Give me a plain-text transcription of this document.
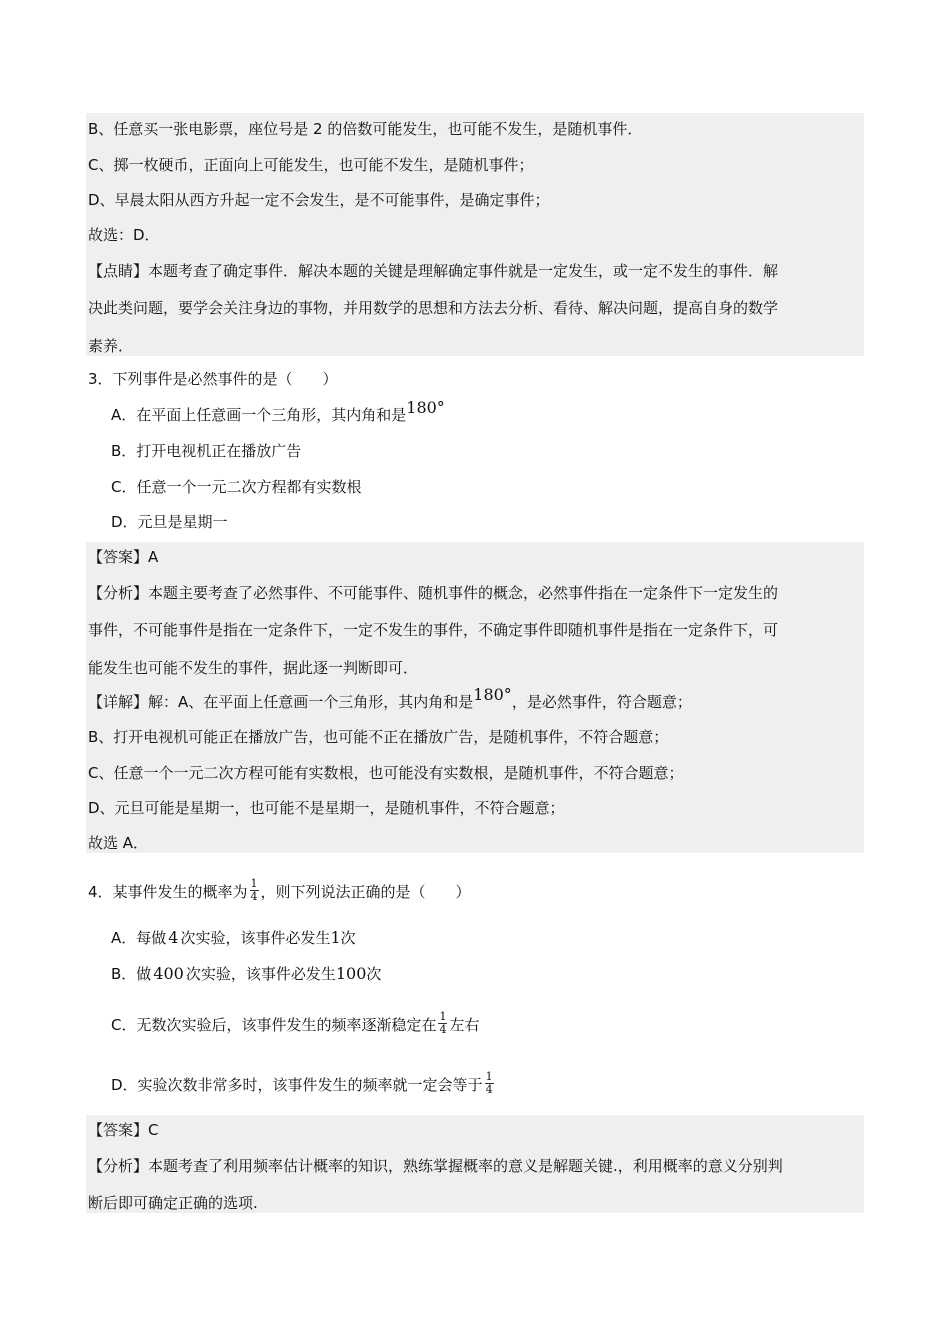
B、任意买一张电影票，座位号是 2 的倍数可能发生，也可能不发生，是随机事件．
C、掷一枚硬币，正面向上可能发生，也可能不发生，是随机事件；
D、早晨太阳从西方升起一定不会发生，是不可能事件，是确定事件；
故选：D．
【点睛】本题考查了确定事件．解决本题的关键是理解确定事件就是一定发生，或一定不发生的事件．解
决此类问题，要学会关注身边的事物，并用数学的思想和方法去分析、看待、解决问题，提高自身的数学
素养．
3．下列事件是必然事件的是（　　）
A．在平面上任意画一个三角形，其内角和是180°
B．打开电视机正在播放广告
C．任意一个一元二次方程都有实数根
D．元旦是星期一
【答案】A
【分析】本题主要考查了必然事件、不可能事件、随机事件的概念，必然事件指在一定条件下一定发生的
事件，不可能事件是指在一定条件下，一定不发生的事件，不确定事件即随机事件是指在一定条件下，可
能发生也可能不发生的事件，据此逐一判断即可．
【详解】解：A、在平面上任意画一个三角形，其内角和是180°，是必然事件，符合题意；
B、打开电视机可能正在播放广告，也可能不正在播放广告，是随机事件，不符合题意；
C、任意一个一元二次方程可能有实数根，也可能没有实数根，是随机事件，不符合题意；
D、元旦可能是星期一，也可能不是星期一，是随机事件，不符合题意；
故选 A．
4．某事件发生的概率为 $\frac{1}{4}$ ，则下列说法正确的是（　　）
A．每做 4 次实验，该事件必发生1次
B．做 400 次实验，该事件必发生100次
C．无数次实验后，该事件发生的频率逐渐稳定在 $\frac{1}{4}$ 左右
D．实验次数非常多时，该事件发生的频率就一定会等于 $\frac{1}{4}$
【答案】C
【分析】本题考查了利用频率估计概率的知识，熟练掌握概率的意义是解题关键.，利用概率的意义分别判
断后即可确定正确的选项.
